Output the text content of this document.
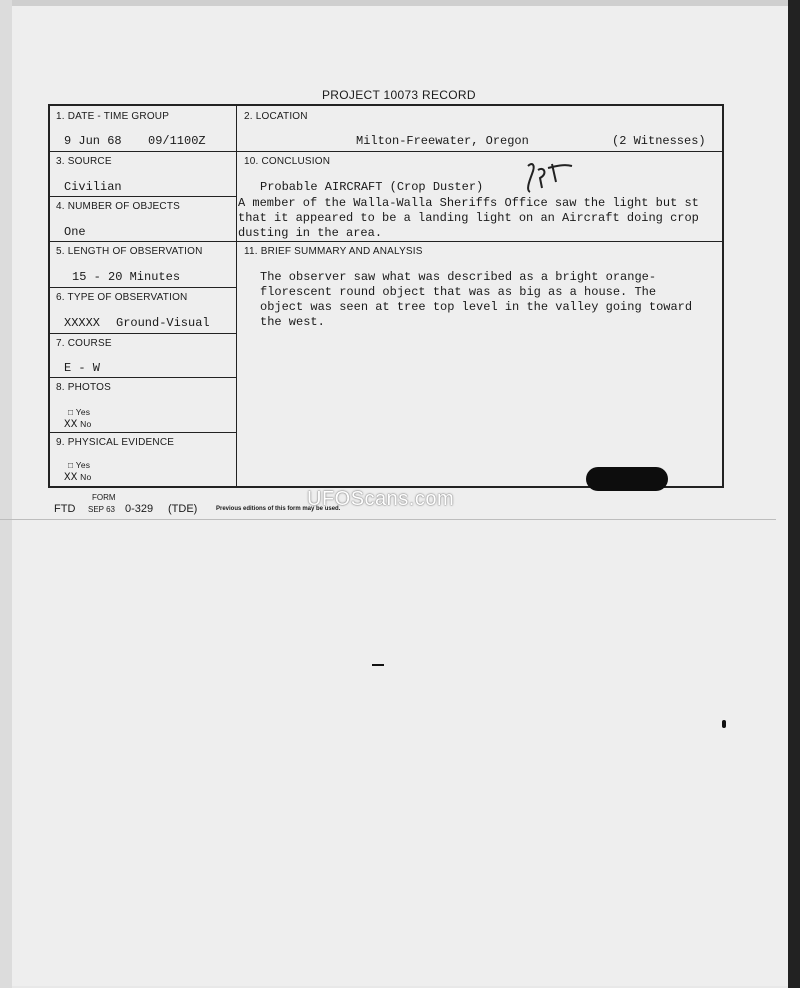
PROJECT 10073 RECORD
1. DATE - TIME GROUP
9 Jun 68 09/1100Z
2. LOCATION
Milton-Freewater, Oregon	(2 Witnesses)
3. SOURCE
Civilian
4. NUMBER OF OBJECTS
One
10. CONCLUSION
Probable AIRCRAFT (Crop Duster)
A member of the Walla-Walla Sheriffs Office saw the light but st
that it appeared to be a landing light on an Aircraft doing crop
dusting in the area.
5. LENGTH OF OBSERVATION
15 - 20 Minutes
11. BRIEF SUMMARY AND ANALYSIS
The observer saw what was described as a bright orange-
florescent round object that was as big as a house. The
object was seen at tree top level in the valley going toward
the west.
6. TYPE OF OBSERVATION
XXXXX Ground-Visual
7. COURSE
E - W
8. PHOTOS
□ Yes
XX No
9. PHYSICAL EVIDENCE
□ Yes
XX No
FORM
FTD SEP 63 0-329 (TDE)	Previous editions of this form may be used.
UFOScans.com
